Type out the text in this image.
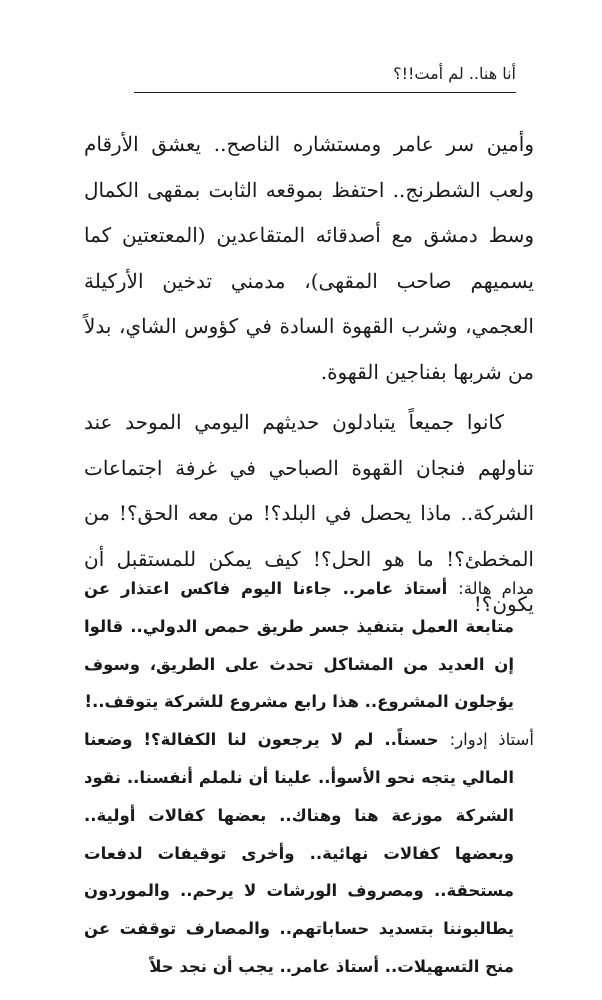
أنا هنا.. لم أمت!!؟

وأمين سر عامر ومستشاره الناصح.. يعشق الأرقام ولعب الشطرنج.. احتفظ بموقعه الثابت بمقهى الكمال وسط دمشق مع أصدقائه المتقاعدين (المعتعتين كما يسميهم صاحب المقهى)، مدمني تدخين الأركيلة العجمي، وشرب القهوة السادة في كؤوس الشاي، بدلاً من شربها بفناجين القهوة.

كانوا جميعاً يتبادلون حديثهم اليومي الموحد عند تناولهم فنجان القهوة الصباحي في غرفة اجتماعات الشركة.. ماذا يحصل في البلد؟! من معه الحق؟! من المخطئ؟! ما هو الحل؟! كيف يمكن للمستقبل أن يكون؟!

مدام هالة: أستاذ عامر.. جاءنا اليوم فاكس اعتذار عن متابعة العمل بتنفيذ جسر طريق حمص الدولي.. قالوا إن العديد من المشاكل تحدث على الطريق، وسوف يؤجلون المشروع.. هذا رابع مشروع للشركة يتوقف..!

أستاذ إدوار: حسناً.. لم لا يرجعون لنا الكفالة؟! وضعنا المالي يتجه نحو الأسوأ.. علينا أن نلملم أنفسنا.. نقود الشركة موزعة هنا وهناك.. بعضها كفالات أولية.. وبعضها كفالات نهائية.. وأخرى توقيفات لدفعات مستحقة.. ومصروف الورشات لا يرحم.. والموردون يطالبوننا بتسديد حساباتهم.. والمصارف توقفت عن منح التسهيلات.. أستاذ عامر.. يجب أن نجد حلاً
